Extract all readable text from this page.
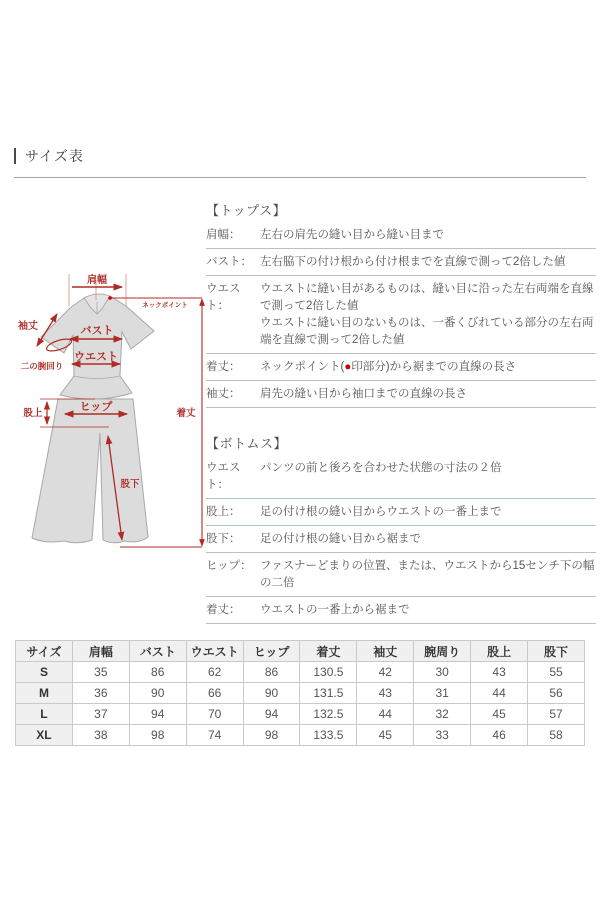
サイズ表
肩幅
ネックポイント
袖丈	バスト
ウエスト
二の腕回り
股上
ヒップ
着丈
股下
【トップス】
肩幅：	左右の肩先の縫い目から縫い目まで
バスト： 左右脇下の付け根から付け根までを直線で測って2倍した値
ウエスト：
ウエストに縫い目があるものは、縫い目に沿った左右両端を直線で測って2倍した値
ウエストに縫い目のないものは、一番くびれている部分の左右両端を直線で測って2倍した値
着丈：	ネックポイント(●印部分)から裾までの直線の長さ
袖丈：	肩先の縫い目から袖口までの直線の長さ
【ボトムス】
ウエスト：
パンツの前と後ろを合わせた状態の寸法の２倍
股上：	足の付け根の縫い目からウエストの一番上まで
股下：	足の付け根の縫い目から裾まで
ヒップ： ファスナーどまりの位置、または、ウエストから15センチ下の幅の二倍
着丈：	ウエストの一番上から裾まで
サイズ	肩幅	バスト	ウエスト	ヒップ	着丈	袖丈	腕周り	股上	股下
S	35	86	62	86	130.5	42	30	43	55
M	36	90	66	90	131.5	43	31	44	56
L	37	94	70	94	132.5	44	32	45	57
XL	38	98	74	98	133.5	45	33	46	58
